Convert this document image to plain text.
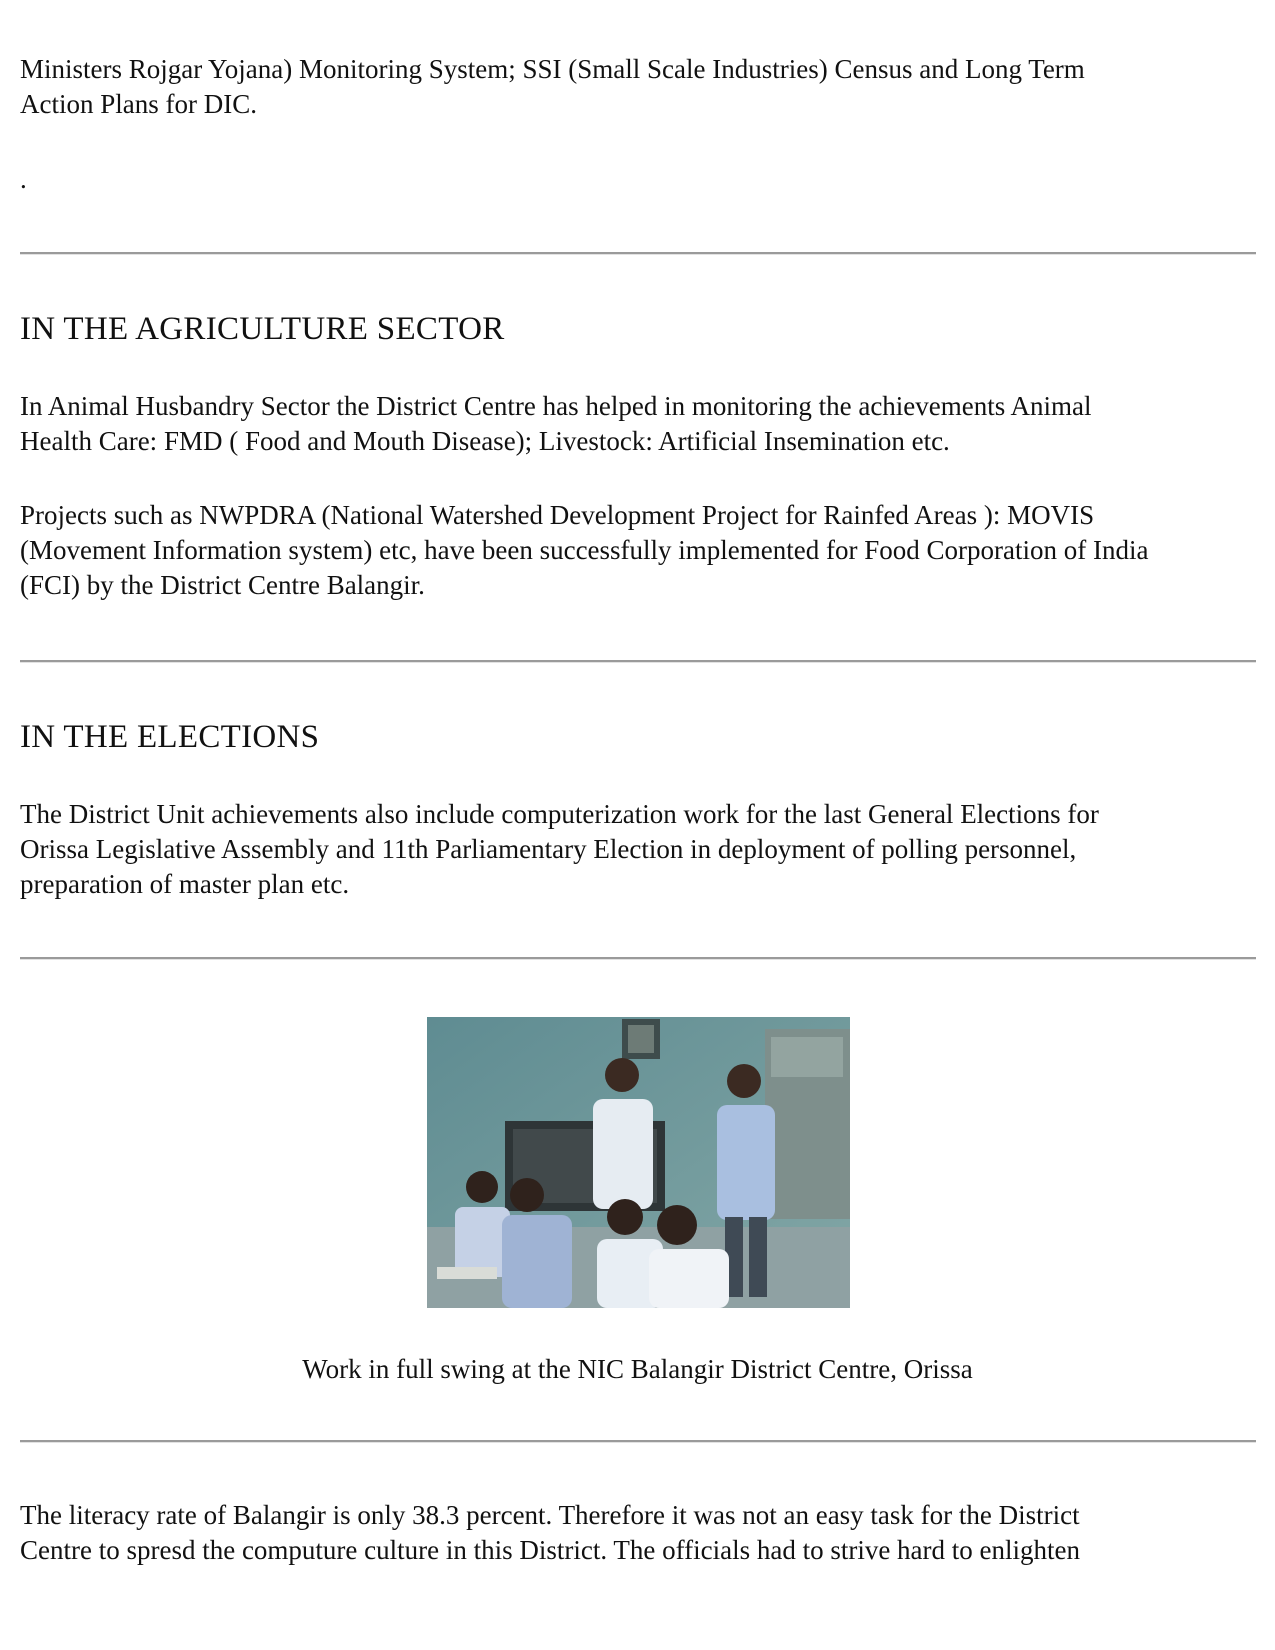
Ministers Rojgar Yojana) Monitoring System; SSI (Small Scale Industries) Census and Long Term
Action Plans for DIC.

.
IN THE AGRICULTURE SECTOR

In Animal Husbandry Sector the District Centre has helped in monitoring the achievements Animal
Health Care: FMD ( Food and Mouth Disease); Livestock: Artificial Insemination etc.

Projects such as NWPDRA (National Watershed Development Project for Rainfed Areas ): MOVIS
(Movement Information system) etc, have been successfully implemented for Food Corporation of India
(FCI) by the District Centre Balangir.

IN THE ELECTIONS

The District Unit achievements also include computerization work for the last General Elections for
Orissa Legislative Assembly and 11th Parliamentary Election in deployment of polling personnel,
preparation of master plan etc.

Work in full swing at the NIC Balangir District Centre, Orissa

The literacy rate of Balangir is only 38.3 percent. Therefore it was not an easy task for the District
Centre to spresd the computure culture in this District. The officials had to strive hard to enlighten
